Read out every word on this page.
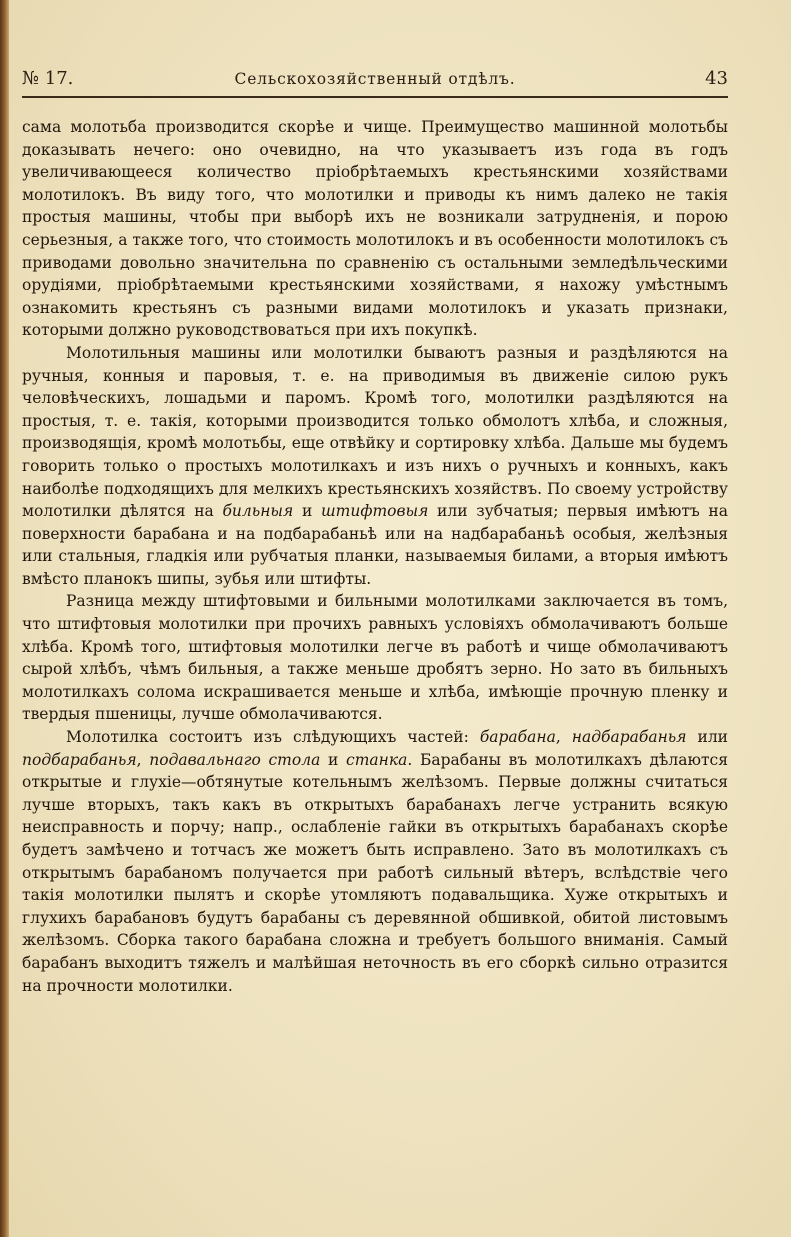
№ 17.	Сельскохозяйственный отдѣлъ.	43

сама молотьба производится скорѣе и чище. Преимущество машинной молотьбы доказывать нечего: оно очевидно, на что указываетъ изъ года въ годъ увеличивающееся количество пріобрѣтаемыхъ крестьянскими хозяйствами молотилокъ. Въ виду того, что молотилки и приводы къ нимъ далеко не такія простыя машины, чтобы при выборѣ ихъ не возникали затрудненія, и порою серьезныя, а также того, что стоимость молотилокъ и въ особенности молотилокъ съ приводами довольно значительна по сравненію съ остальными земледѣльческими орудіями, пріобрѣтаемыми крестьянскими хозяйствами, я нахожу умѣстнымъ ознакомить крестьянъ съ разными видами молотилокъ и указать признаки, которыми должно руководствоваться при ихъ покупкѣ.

Молотильныя машины или молотилки бываютъ разныя и раздѣляются на ручныя, конныя и паровыя, т. е. на приводимыя въ движеніе силою рукъ человѣческихъ, лошадьми и паромъ. Кромѣ того, молотилки раздѣляются на простыя, т. е. такія, которыми производится только обмолотъ хлѣба, и сложныя, производящія, кромѣ молотьбы, еще отвѣйку и сортировку хлѣба. Дальше мы будемъ говорить только о простыхъ молотилкахъ и изъ нихъ о ручныхъ и конныхъ, какъ наиболѣе подходящихъ для мелкихъ крестьянскихъ хозяйствъ. По своему устройству молотилки дѣлятся на бильныя и штифтовыя или зубчатыя; первыя имѣютъ на поверхности барабана и на подбарабаньѣ или на надбарабаньѣ особыя, желѣзныя или стальныя, гладкія или рубчатыя планки, называемыя билами, а вторыя имѣютъ вмѣсто планокъ шипы, зубья или штифты.

Разница между штифтовыми и бильными молотилками заключается въ томъ, что штифтовыя молотилки при прочихъ равныхъ условіяхъ обмолачиваютъ больше хлѣба. Кромѣ того, штифтовыя молотилки легче въ работѣ и чище обмолачиваютъ сырой хлѣбъ, чѣмъ бильныя, а также меньше дробятъ зерно. Но зато въ бильныхъ молотилкахъ солома искрашивается меньше и хлѣба, имѣющіе прочную пленку и твердыя пшеницы, лучше обмолачиваются.

Молотилка состоитъ изъ слѣдующихъ частей: барабана, надбарабанья или подбарабанья, подавальнаго стола и станка. Барабаны въ молотилкахъ дѣлаются открытые и глухіе—обтянутые котельнымъ желѣзомъ. Первые должны считаться лучше вторыхъ, такъ какъ въ открытыхъ барабанахъ легче устранить всякую неисправность и порчу; напр., ослабленіе гайки въ открытыхъ барабанахъ скорѣе будетъ замѣчено и тотчасъ же можетъ быть исправлено. Зато въ молотилкахъ съ открытымъ барабаномъ получается при работѣ сильный вѣтеръ, вслѣдствіе чего такія молотилки пылятъ и скорѣе утомляютъ подавальщика. Хуже открытыхъ и глухихъ барабановъ будутъ барабаны съ деревянной обшивкой, обитой листовымъ желѣзомъ. Сборка такого барабана сложна и требуетъ большого вниманія. Самый барабанъ выходитъ тяжелъ и малѣйшая неточность въ его сборкѣ сильно отразится на прочности молотилки.
